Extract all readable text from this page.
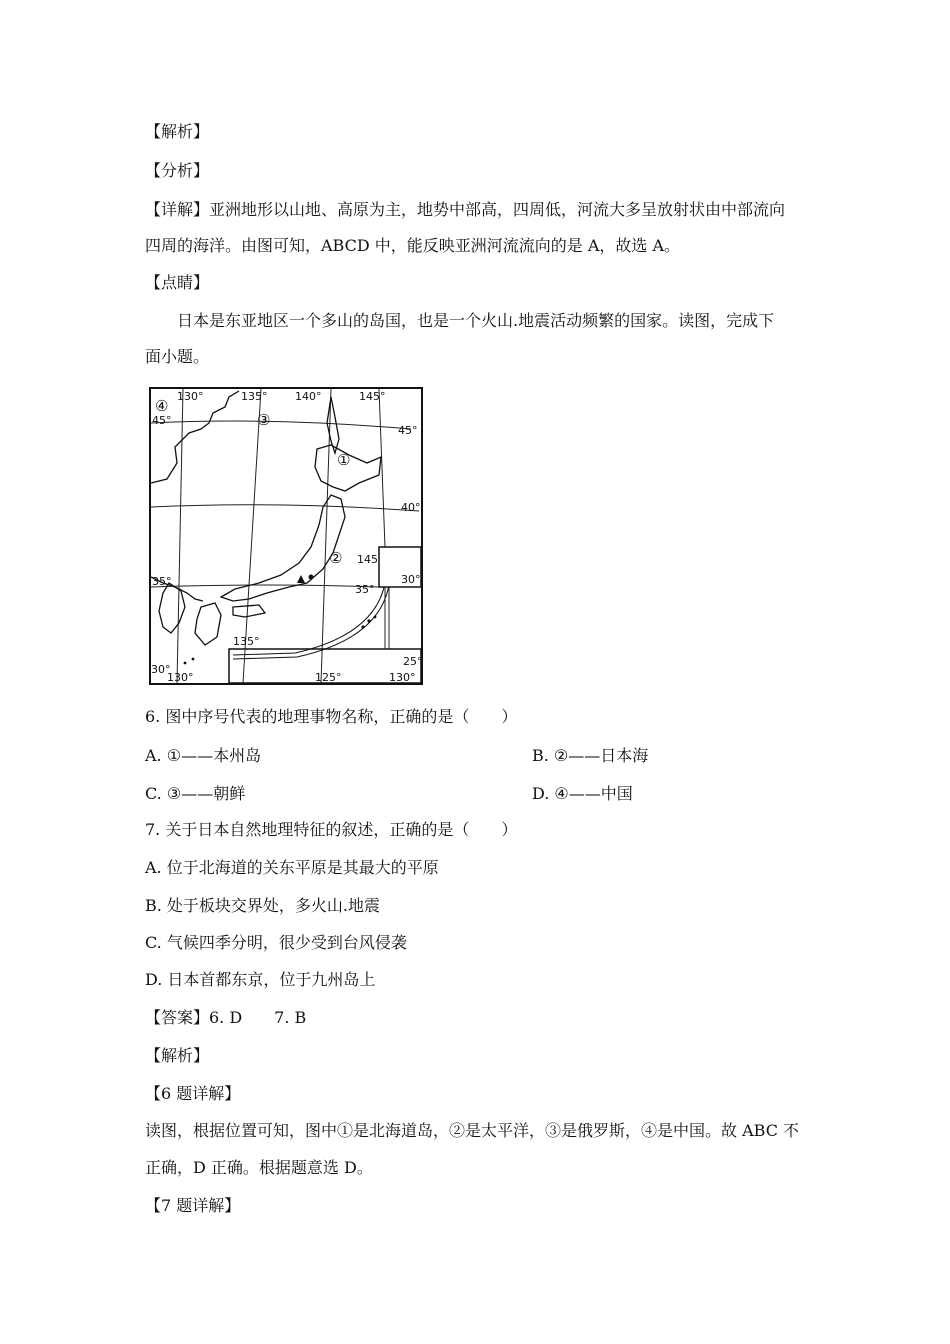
【解析】
【分析】
【详解】亚洲地形以山地、高原为主，地势中部高，四周低，河流大多呈放射状由中部流向
四周的海洋。由图可知，ABCD 中，能反映亚洲河流流向的是 A，故选 A。
【点睛】
日本是东亚地区一个多山的岛国，也是一个火山.地震活动频繁的国家。读图，完成下
面小题。
130°	135°	140°	145°
45°
45°
40°
35°
35°
135°
130°
30°
145
30°
25°
125°	130°
①
②
③
④
6. 图中序号代表的地理事物名称，正确的是（　　）
A. ①——本州岛	B. ②——日本海
C. ③——朝鲜	D. ④——中国
7. 关于日本自然地理特征的叙述，正确的是（　　）
A. 位于北海道的关东平原是其最大的平原
B. 处于板块交界处，多火山.地震
C. 气候四季分明，很少受到台风侵袭
D. 日本首都东京，位于九州岛上
【答案】6. D　　7. B
【解析】
【6 题详解】
读图，根据位置可知，图中①是北海道岛，②是太平洋，③是俄罗斯，④是中国。故 ABC 不
正确，D 正确。根据题意选 D。
【7 题详解】
